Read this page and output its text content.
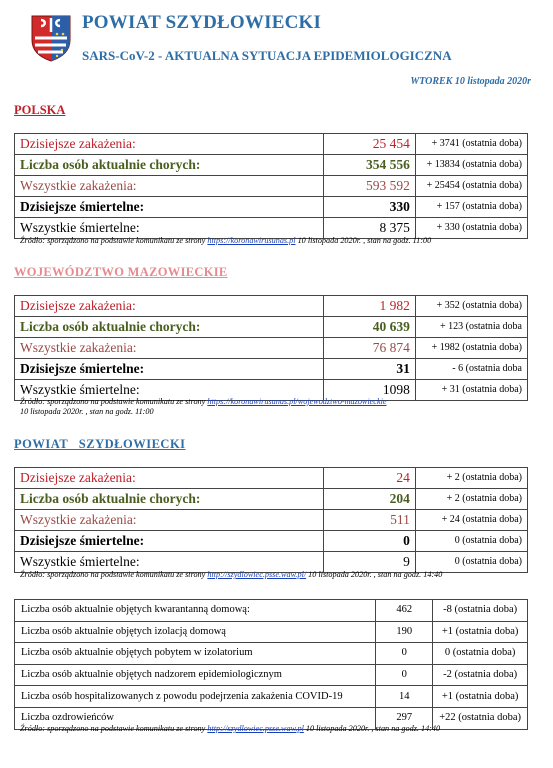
POWIAT SZYDŁOWIECKI
SARS-CoV-2 - AKTUALNA SYTUACJA EPIDEMIOLOGICZNA
WTOREK 10 listopada 2020r
POLSKA
Dzisiejsze zakażenia:	25 454	+ 3741 (ostatnia doba)
Liczba osób aktualnie chorych:	354 556	+ 13834 (ostatnia doba)
Wszystkie zakażenia:	593 592	+ 25454 (ostatnia doba)
Dzisiejsze śmiertelne:	330	+ 157 (ostatnia doba)
Wszystkie śmiertelne:	8 375	+ 330 (ostatnia doba)
Źródło: sporządzono na podstawie komunikatu ze strony https://koronawirusunas.pl 10 listopada 2020r. , stan na godz. 11:00
WOJEWÓDZTWO MAZOWIECKIE
Dzisiejsze zakażenia:	1 982	+ 352 (ostatnia doba)
Liczba osób aktualnie chorych:	40 639	+ 123 (ostatnia doba
Wszystkie zakażenia:	76 874	+ 1982 (ostatnia doba)
Dzisiejsze śmiertelne:	31	- 6 (ostatnia doba
Wszystkie śmiertelne:	1098	+ 31 (ostatnia doba)
Źródło: sporządzono na podstawie komunikatu ze strony https://koronawirusunas.pl/wojewodztwo-mazowieckie
10 listopada 2020r. , stan na godz. 11:00
POWIAT   SZYDŁOWIECKI
Dzisiejsze zakażenia:	24	+ 2 (ostatnia doba)
Liczba osób aktualnie chorych:	204	+ 2 (ostatnia doba)
Wszystkie zakażenia:	511	+ 24 (ostatnia doba)
Dzisiejsze śmiertelne:	0	0 (ostatnia doba)
Wszystkie śmiertelne:	9	0 (ostatnia doba)
Źródło: sporządzono na podstawie komunikatu ze strony http://szydlowiec.psse.waw.pl/ 10 listopada 2020r. , stan na godz. 14:40
Liczba osób aktualnie objętych kwarantanną domową:	462	-8 (ostatnia doba)
Liczba osób aktualnie objętych izolacją domową	190	+1 (ostatnia doba)
Liczba osób aktualnie objętych pobytem w izolatorium	0	0 (ostatnia doba)
Liczba osób aktualnie objętych nadzorem epidemiologicznym	0	-2 (ostatnia doba)
Liczba osób hospitalizowanych z powodu podejrzenia zakażenia COVID-19	14	+1 (ostatnia doba)
Liczba ozdrowieńców	297	+22 (ostatnia doba)
Źródło: sporządzono na podstawie komunikatu ze strony http://szydlowiec.psse.waw.pl 10 listopada 2020r. , stan na godz. 14:40
